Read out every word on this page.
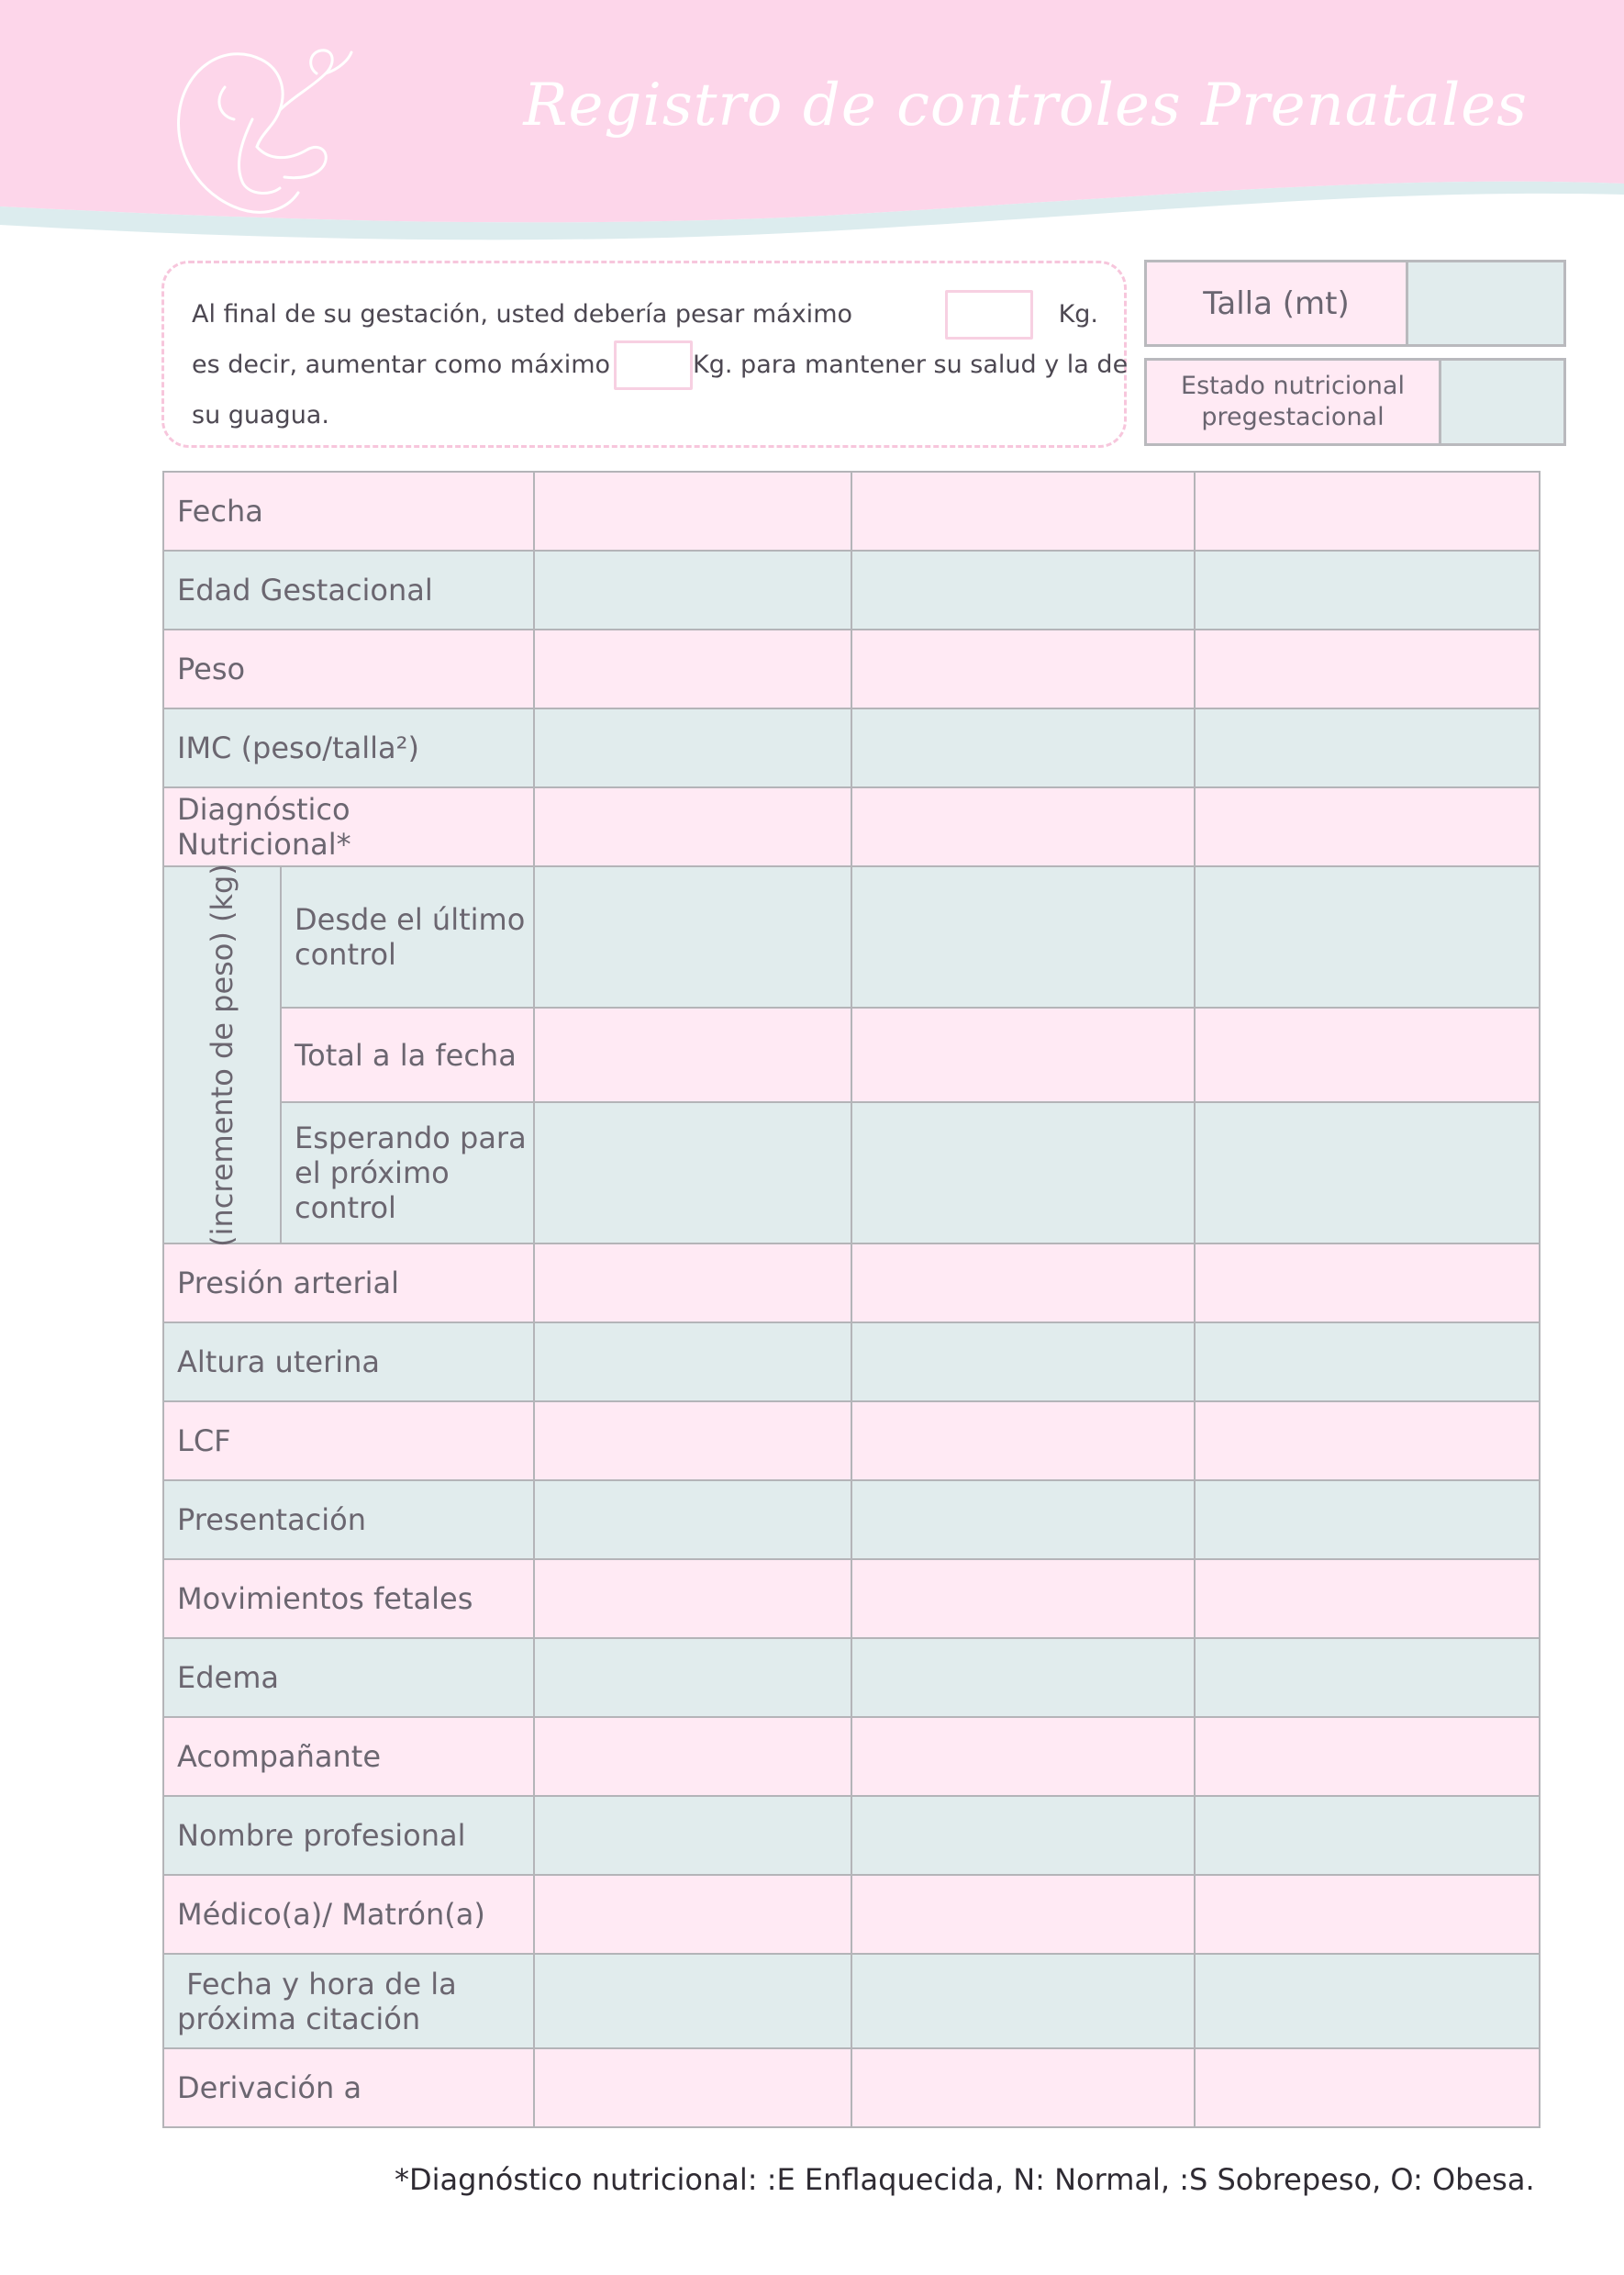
Registro de controles Prenatales
Al final de su gestación, usted debería pesar máximo	Kg.
es decir, aumentar como máximo	Kg. para mantener su salud y la de
su guagua.
Talla (mt)
Estado nutricional pregestacional
Fecha				
Edad Gestacional				
Peso				
IMC (peso/talla²)				
Diagnóstico Nutricional*				

(incremento de peso) (kg)	Desde el último control			
	Total a la fecha			
	Esperando para el próximo control			
Presión arterial				
Altura uterina				
LCF				
Presentación				
Movimientos fetales				
Edema				
Acompañante				
Nombre profesional				
Médico(a)/ Matrón(a)				
Fecha y hora de la próxima citación				
Derivación a				
*Diagnóstico nutricional: :E Enflaquecida, N: Normal, :S Sobrepeso, O: Obesa.
